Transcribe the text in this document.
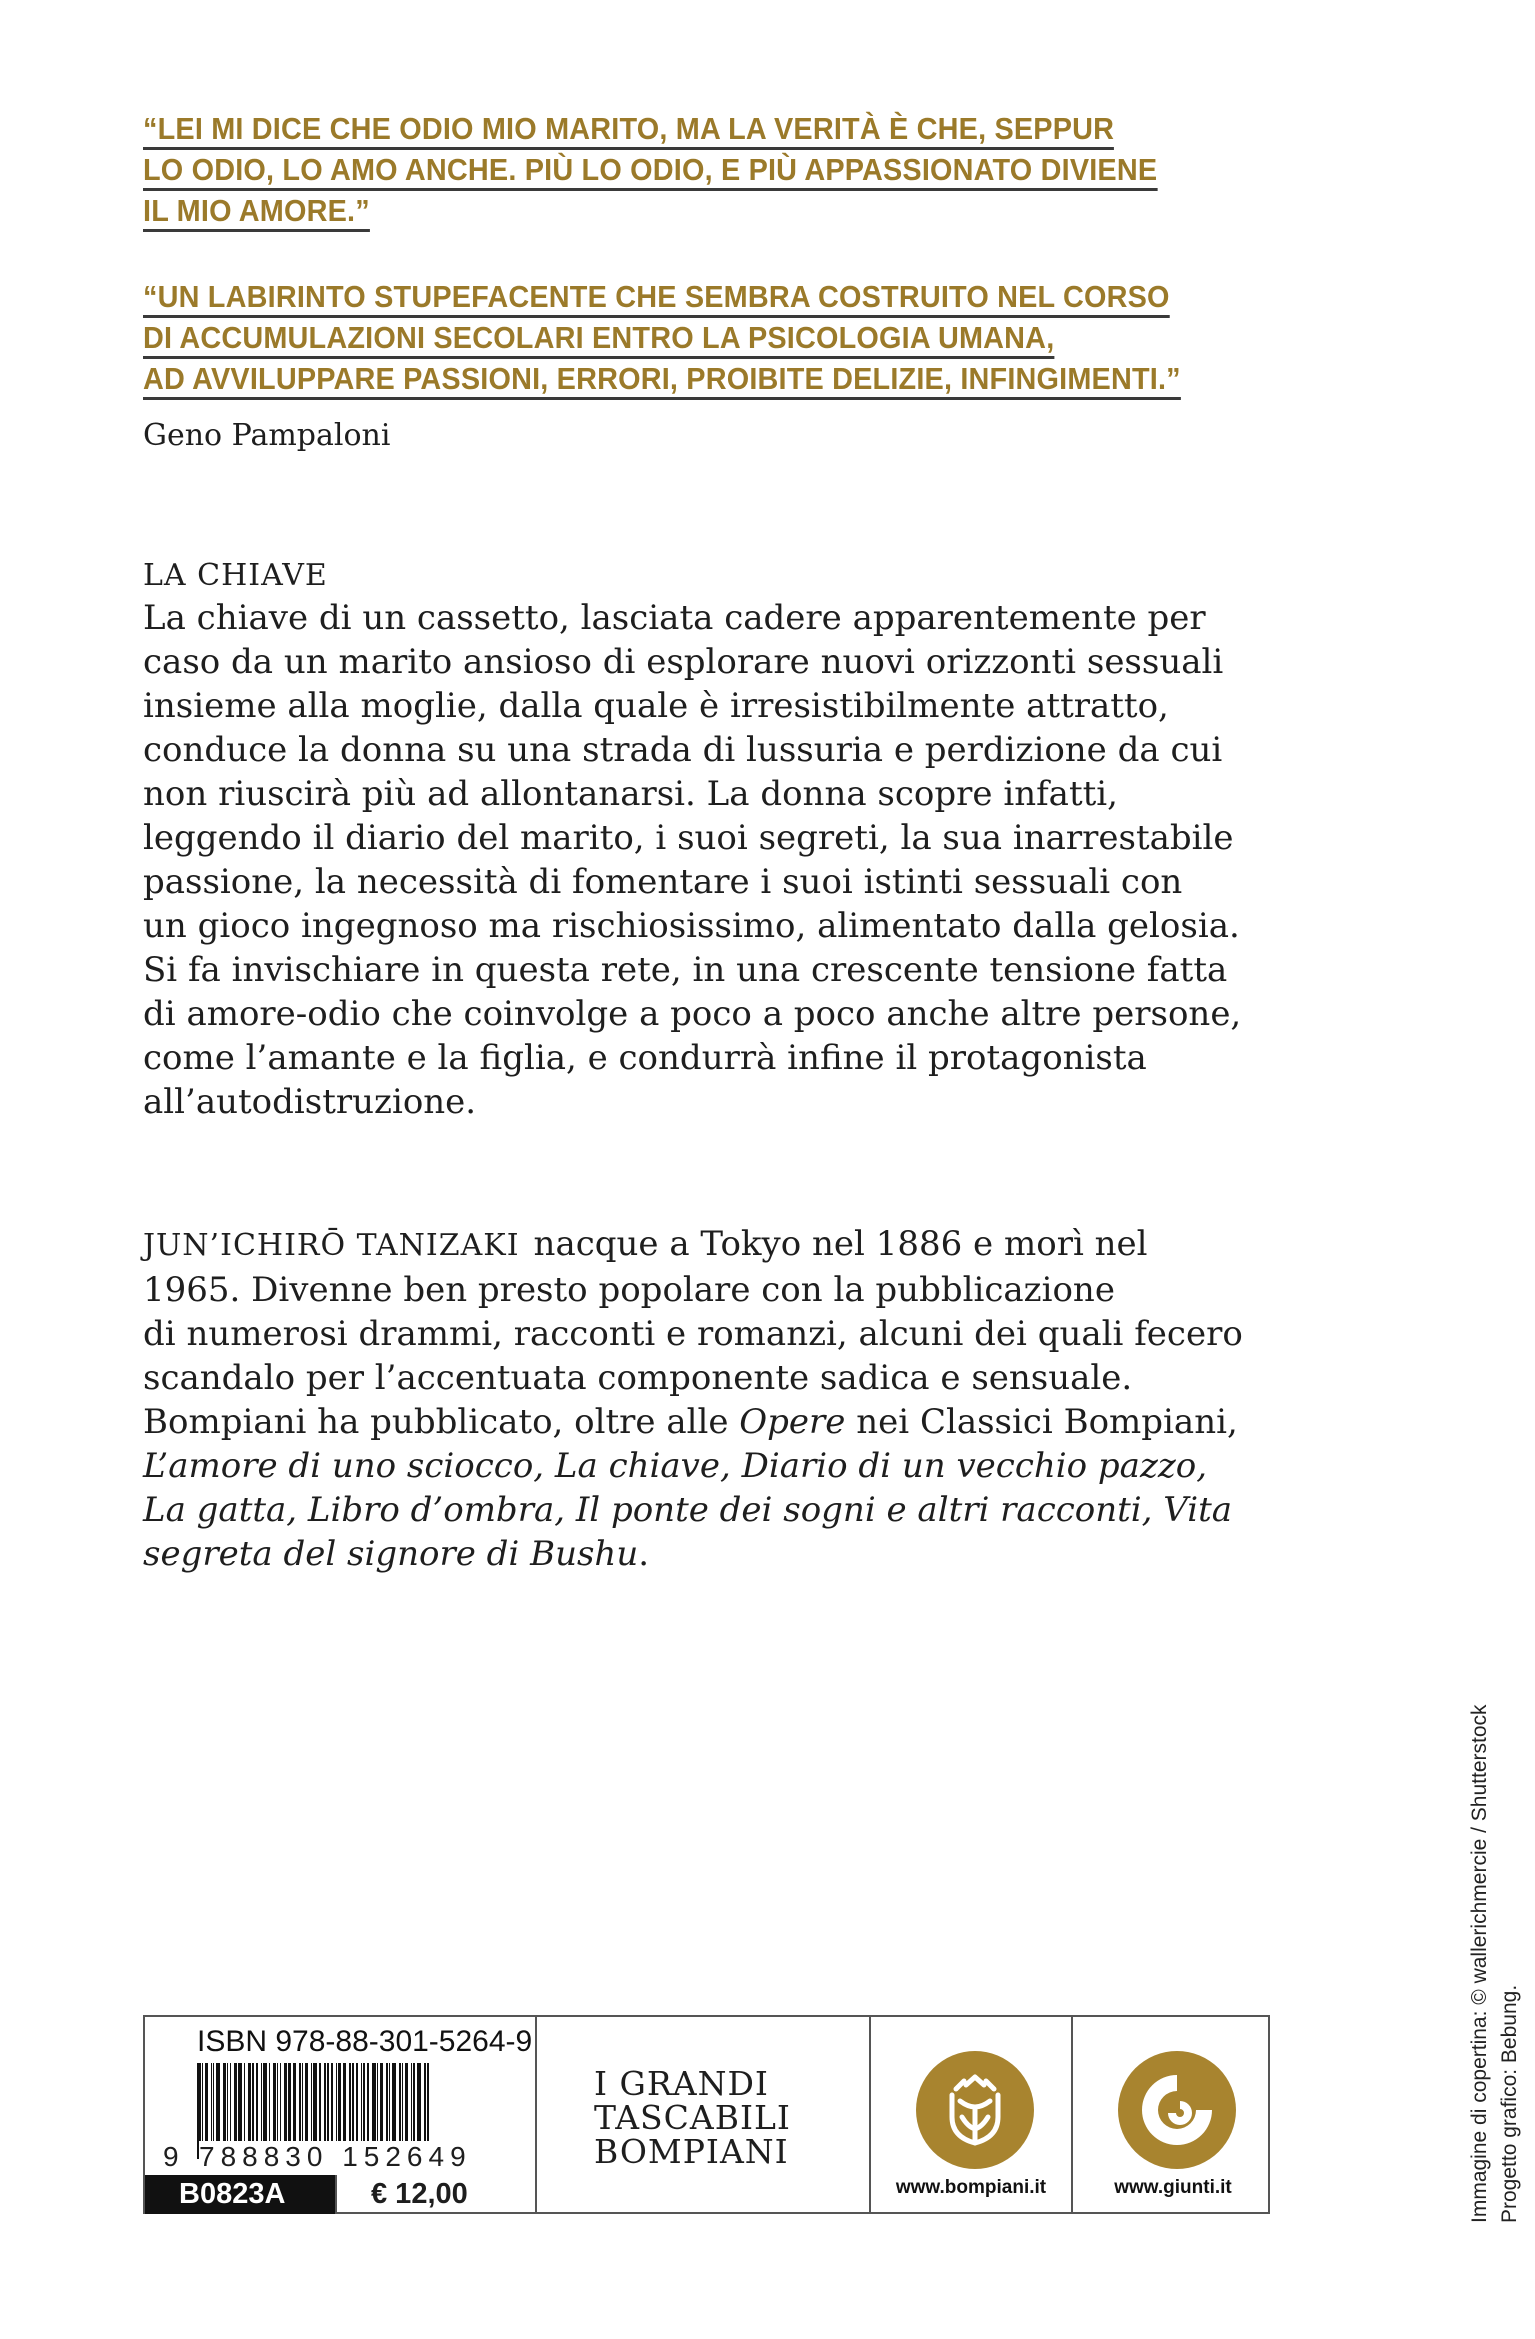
“LEI MI DICE CHE ODIO MIO MARITO, MA LA VERITÀ È CHE, SEPPUR
LO ODIO, LO AMO ANCHE. PIÙ LO ODIO, E PIÙ APPASSIONATO DIVIENE
IL MIO AMORE.”
“UN LABIRINTO STUPEFACENTE CHE SEMBRA COSTRUITO NEL CORSO
DI ACCUMULAZIONI SECOLARI ENTRO LA PSICOLOGIA UMANA,
AD AVVILUPPARE PASSIONI, ERRORI, PROIBITE DELIZIE, INFINGIMENTI.”
Geno Pampaloni
LA CHIAVE
La chiave di un cassetto, lasciata cadere apparentemente per
caso da un marito ansioso di esplorare nuovi orizzonti sessuali
insieme alla moglie, dalla quale è irresistibilmente attratto,
conduce la donna su una strada di lussuria e perdizione da cui
non riuscirà più ad allontanarsi. La donna scopre infatti,
leggendo il diario del marito, i suoi segreti, la sua inarrestabile
passione, la necessità di fomentare i suoi istinti sessuali con
un gioco ingegnoso ma rischiosissimo, alimentato dalla gelosia.
Si fa invischiare in questa rete, in una crescente tensione fatta
di amore-odio che coinvolge a poco a poco anche altre persone,
come l’amante e la figlia, e condurrà infine il protagonista
all’autodistruzione.
JUN’ICHIRŌ TANIZAKI nacque a Tokyo nel 1886 e morì nel
1965. Divenne ben presto popolare con la pubblicazione
di numerosi drammi, racconti e romanzi, alcuni dei quali fecero
scandalo per l’accentuata componente sadica e sensuale.
Bompiani ha pubblicato, oltre alle Opere nei Classici Bompiani,
L’amore di uno sciocco, La chiave, Diario di un vecchio pazzo,
La gatta, Libro d’ombra, Il ponte dei sogni e altri racconti, Vita
segreta del signore di Bushu.
Immagine di copertina: © wallerichmercie / Shutterstock Progetto grafico: Bebung.
ISBN 978-88-301-5264-9
9 788830 152649
B0823A	€ 12,00
I GRANDI
TASCABILI
BOMPIANI
www.bompiani.it	www.giunti.it
